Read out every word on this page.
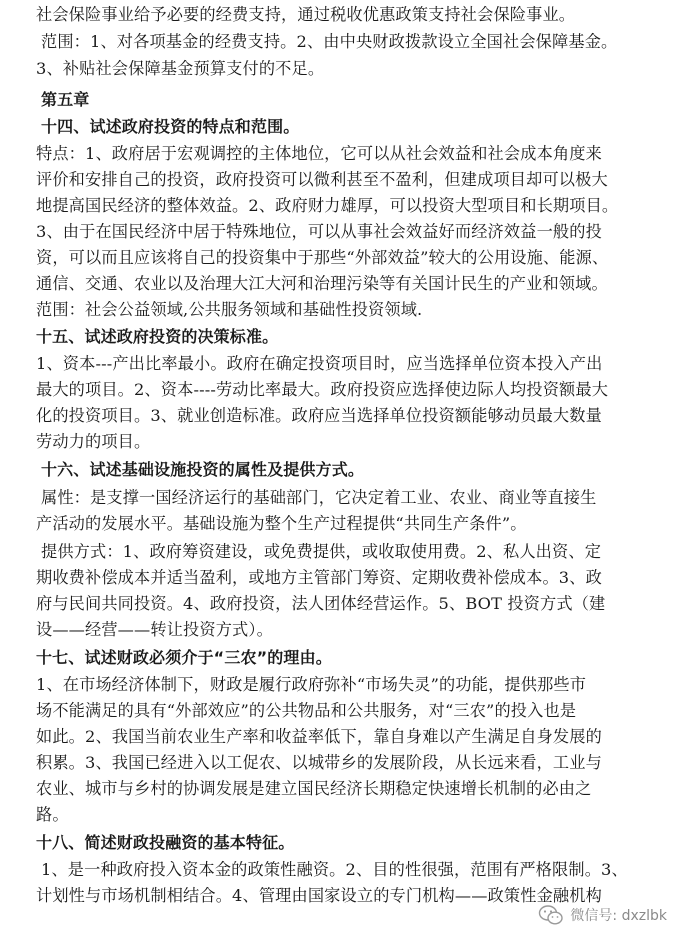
社会保险事业给予必要的经费支持，通过税收优惠政策支持社会保险事业。
范围：1、对各项基金的经费支持。2、由中央财政拨款设立全国社会保障基金。
3、补贴社会保障基金预算支付的不足。
第五章
十四、试述政府投资的特点和范围。
特点：1、政府居于宏观调控的主体地位，它可以从社会效益和社会成本角度来
评价和安排自己的投资，政府投资可以微利甚至不盈利，但建成项目却可以极大
地提高国民经济的整体效益。2、政府财力雄厚，可以投资大型项目和长期项目。
3、由于在国民经济中居于特殊地位，可以从事社会效益好而经济效益一般的投
资，可以而且应该将自己的投资集中于那些“外部效益”较大的公用设施、能源、
通信、交通、农业以及治理大江大河和治理污染等有关国计民生的产业和领域。
范围：社会公益领域,公共服务领域和基础性投资领域.
十五、试述政府投资的决策标准。
1、资本---产出比率最小。政府在确定投资项目时，应当选择单位资本投入产出
最大的项目。2、资本----劳动比率最大。政府投资应选择使边际人均投资额最大
化的投资项目。3、就业创造标准。政府应当选择单位投资额能够动员最大数量
劳动力的项目。
十六、试述基础设施投资的属性及提供方式。
属性：是支撑一国经济运行的基础部门，它决定着工业、农业、商业等直接生
产活动的发展水平。基础设施为整个生产过程提供“共同生产条件”。
提供方式：1、政府筹资建设，或免费提供，或收取使用费。2、私人出资、定
期收费补偿成本并适当盈利，或地方主管部门筹资、定期收费补偿成本。3、政
府与民间共同投资。4、政府投资，法人团体经营运作。5、BOT 投资方式（建
设——经营——转让投资方式）。
十七、试述财政必须介于“三农”的理由。
1、在市场经济体制下，财政是履行政府弥补“市场失灵”的功能，提供那些市
场不能满足的具有“外部效应”的公共物品和公共服务，对“三农”的投入也是
如此。2、我国当前农业生产率和收益率低下，靠自身难以产生满足自身发展的
积累。3、我国已经进入以工促农、以城带乡的发展阶段，从长远来看，工业与
农业、城市与乡村的协调发展是建立国民经济长期稳定快速增长机制的必由之
路。
十八、简述财政投融资的基本特征。
1、是一种政府投入资本金的政策性融资。2、目的性很强，范围有严格限制。3、
计划性与市场机制相结合。4、管理由国家设立的专门机构——政策性金融机构
微信号: dxzlbk
